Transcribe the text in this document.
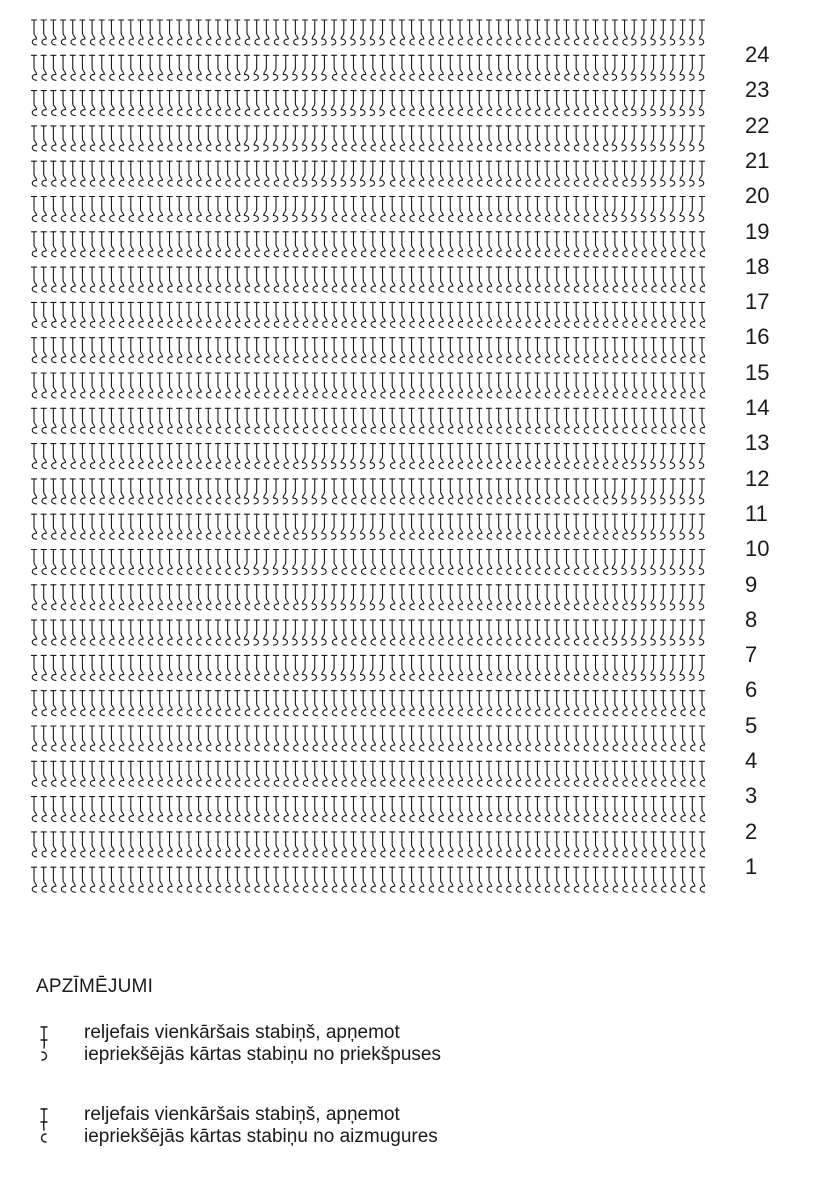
24
23
22
21
20
19
18
17
16
15
14
13
12
11
10
9
8
7
6
5
4
3
2
1
APZĪMĒJUMI
reljefais vienkāršais stabiņš, apņemot
iepriekšējās kārtas stabiņu no priekšpuses
reljefais vienkāršais stabiņš, apņemot
iepriekšējās kārtas stabiņu no aizmugures
